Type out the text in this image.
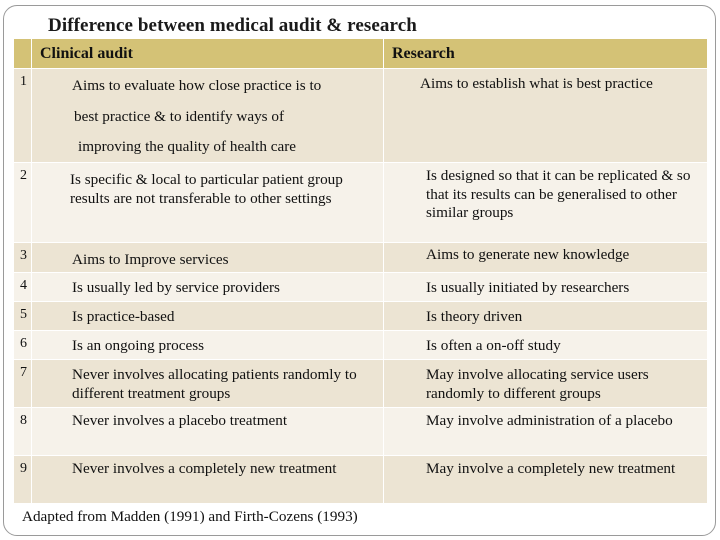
Difference between medical audit & research
	Clinical audit	Research
1	Aims to evaluate how close practice is to
best practice & to identify ways of
improving the quality of health care	Aims to establish what is best practice
2	Is specific & local to particular patient group results are not transferable to other settings	Is designed so that it can be replicated & so that its results can be generalised to other similar groups
3	Aims to Improve services	Aims to generate new knowledge
4	Is usually led by service providers	Is usually initiated by researchers
5	Is practice-based	Is theory driven
6	Is an ongoing process	Is often a on-off study
7	Never involves allocating patients randomly to different treatment groups	May involve allocating service users randomly to different groups
8	Never involves a placebo treatment	May involve administration of a placebo
9	Never involves a completely new treatment	May involve a completely new treatment
Adapted from Madden (1991) and Firth-Cozens (1993)		
